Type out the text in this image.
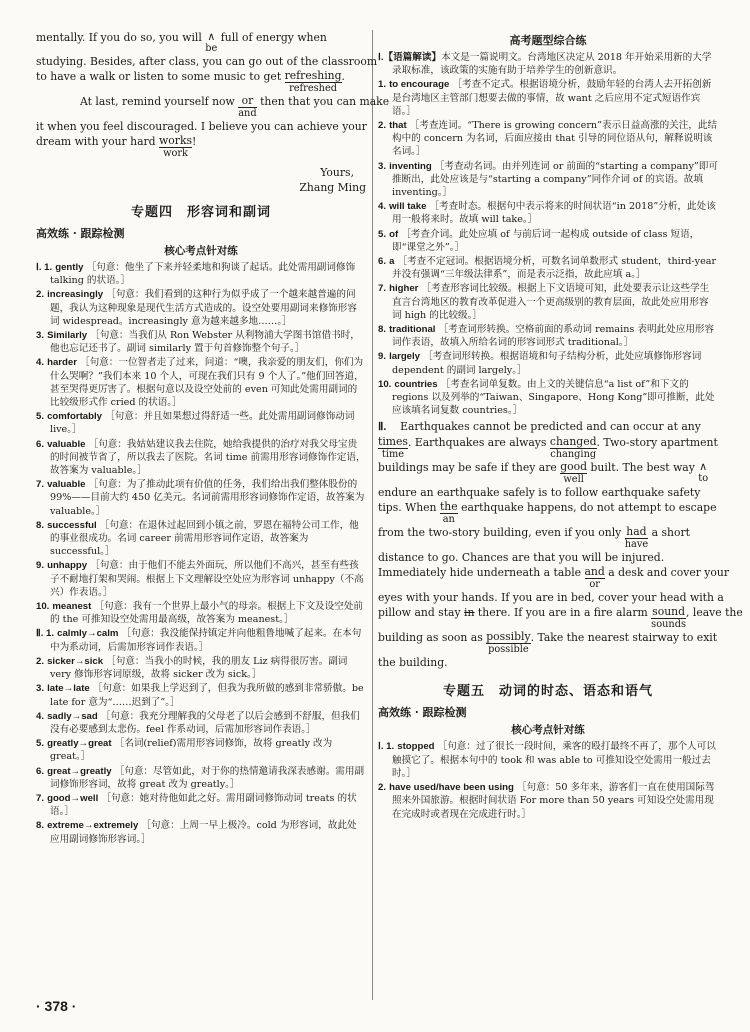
mentally. If you do so, you will ∧
be
full of energy when
studying. Besides, after class, you can go out of the classroom
to have a walk or listen to some music to get refreshing
refreshed
.
At last, remind yourself now or
and
then that you can make
it when you feel discouraged. I believe you can achieve your
dream with your hard works
work
!
Yours,
Zhang Ming
专题四　形容词和副词
高效练 · 跟踪检测
核心考点针对练
Ⅰ. 1. gently ［句意：他坐了下来并轻柔地和狗谈了起话。此处需用副词修饰 talking 的状语。］
2. increasingly ［句意：我们看到的这种行为似乎成了一个越来越普遍的问题，我认为这种现象是现代生活方式造成的。设空处要用副词来修饰形容词 widespread。increasingly 意为越来越多地……。］
3. Similarly ［句意：当我们从 Ron Webster 从利物浦大学图书馆借书时，他也忘记还书了。副词 similarly 置于句首修饰整个句子。］
4. harder ［句意：一位智者走了过来，问道：“噢，我亲爱的朋友们，你们为什么哭啊？”我们本来 10 个人，可现在我们只有 9 个人了。”他们回答道，甚至哭得更厉害了。根据句意以及设空处前的 even 可知此处需用副词的比较级形式作 cried 的状语。］
5. comfortably ［句意：并且如果想过得舒适一些。此处需用副词修饰动词 live。］
6. valuable ［句意：我姑姑建议我去住院，她给我提供的治疗对我父母宝贵的时间被节省了，所以我去了医院。名词 time 前需用形容词修饰作定语，故答案为 valuable。］
7. valuable ［句意：为了推动此项有价值的任务，我们给出我们整体股份的 99%——目前大约 450 亿美元。名词前需用形容词修饰作定语，故答案为 valuable。］
8. successful ［句意：在退休过起回到小镇之前，罗恩在福特公司工作，他的事业很成功。名词 career 前需用形容词作定语，故答案为 successful。］
9. unhappy ［句意：由于他们不能去外面玩，所以他们不高兴，甚至有些孩子不耐地打架和哭闹。根据上下文理解设空处应为形容词 unhappy（不高兴）作表语。］
10. meanest ［句意：我有一个世界上最小气的母亲。根据上下文及设空处前的 the 可推知设空处需用最高级，故答案为 meanest。］
Ⅱ. 1. calmly→calm ［句意：我没能保持镇定并向他粗鲁地喊了起来。在本句中为系动词，后需加形容词作表语。］
2. sicker→sick ［句意：当我小的时候，我的朋友 Liz 病得很厉害。副词 very 修饰形容词原级，故将 sicker 改为 sick。］
3. late→late ［句意：如果我上学迟到了，但我为我所做的感到非常骄傲。be late for 意为“……迟到了”。］
4. sadly→sad ［句意：我充分理解我的父母老了以后会感到不舒服，但我们没有必要感到太悲伤。feel 作系动词，后需加形容词作表语。］
5. greatly→great ［名词(relief)需用形容词修饰，故将 greatly 改为 great。］
6. great→greatly ［句意：尽管如此，对于你的热情邀请我深表感谢。需用副词修饰形容词，故将 great 改为 greatly。］
7. good→well ［句意：她对待他如此之好。需用副词修饰动词 treats 的状语。］
8. extreme→extremely ［句意：上周一早上极冷。cold 为形容词，故此处应用副词修饰形容词。］
高考题型综合练
Ⅰ.【语篇解读】本文是一篇说明文。台湾地区决定从 2018 年开始采用新的大学录取标准，该政策的实施有助于培养学生的创新意识。
1. to encourage ［考查不定式。根据语境分析，鼓励年轻的台湾人去开拓创新是台湾地区主管部门想要去做的事情，故 want 之后应用不定式短语作宾语。］
2. that ［考查连词。“There is growing concern”表示日益高涨的关注，此结构中的 concern 为名词，后面应接由 that 引导的同位语从句，解释说明该名词。］
3. inventing ［考查动名词。由并列连词 or 前面的“starting a company”即可推断出，此处应该是与“starting a company”同作介词 of 的宾语。故填 inventing。］
4. will take ［考查时态。根据句中表示将来的时间状语“in 2018”分析，此处该用一般将来时。故填 will take。］
5. of ［考查介词。此处应填 of 与前后词一起构成 outside of class 短语，即“课堂之外”。］
6. a ［考查不定冠词。根据语境分析，可数名词单数形式 student，third-year 并没有强调“三年级法律系”，而是表示泛指，故此应填 a。］
7. higher ［考查形容词比较级。根据上下文语境可知，此处要表示让这些学生直言台湾地区的教育改革促进入一个更高级别的教育层面，故此处应用形容词 high 的比较级。］
8. traditional ［考查词形转换。空格前面的系动词 remains 表明此处应用形容词作表语，故填入所给名词的形容词形式 traditional。］
9. largely ［考查词形转换。根据语境和句子结构分析，此处应填修饰形容词 dependent 的副词 largely。］
10. countries ［考查名词单复数。由上文的关键信息“a list of”和下文的 regions 以及列举的“Taiwan、Singapore、Hong Kong”即可推断，此处应该填名词复数 countries。］
Ⅱ. Earthquakes cannot be predicted and can occur at any
times
time
. Earthquakes are always changed
changing
. Two-story apartment
buildings may be safe if they are good
well
built. The best way ∧
to
endure an earthquake safely is to follow earthquake safety
tips. When the
an
earthquake happens, do not attempt to escape
from the two-story building, even if you only had
have
a short
distance to go. Chances are that you will be injured.
Immediately hide underneath a table and
or
a desk and cover your
eyes with your hands. If you are in bed, cover your head with a
pillow and stay in there. If you are in a fire alarm sound
sounds
, leave the
building as soon as possibly
possible
. Take the nearest stairway to exit
the building.
专题五　动词的时态、语态和语气
高效练 · 跟踪检测
核心考点针对练
Ⅰ. 1. stopped ［句意：过了很长一段时间，乘客的殴打最终不再了，那个人可以触摸它了。根据本句中的 took 和 was able to 可推知设空处需用一般过去时。］
2. have used/have been using ［句意：50 多年来，游客们一直在使用国际驾照来外国旅游。根据时间状语 For more than 50 years 可知设空处需用现在完成时或者现在完成进行时。］
· 378 ·
